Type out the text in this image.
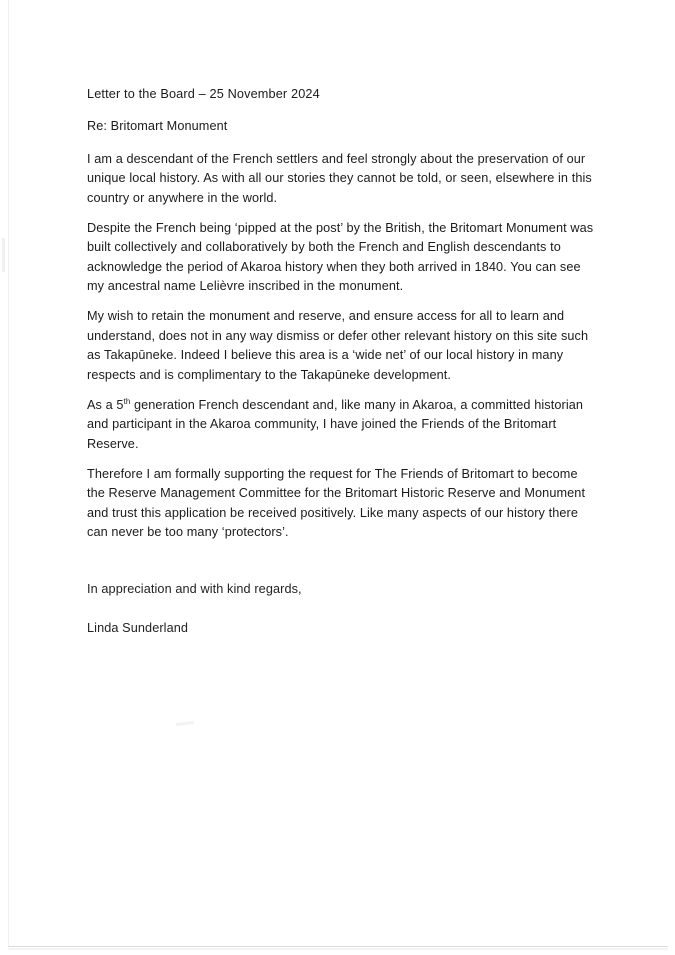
Letter to the Board – 25 November 2024

Re: Britomart Monument

I am a descendant of the French settlers and feel strongly about the preservation of our unique local history. As with all our stories they cannot be told, or seen, elsewhere in this country or anywhere in the world.

Despite the French being ‘pipped at the post’ by the British, the Britomart Monument was built collectively and collaboratively by both the French and English descendants to acknowledge the period of Akaroa history when they both arrived in 1840. You can see my ancestral name Lelièvre inscribed in the monument.

My wish to retain the monument and reserve, and ensure access for all to learn and understand, does not in any way dismiss or defer other relevant history on this site such as Takapūneke. Indeed I believe this area is a ‘wide net’ of our local history in many respects and is complimentary to the Takapūneke development.

As a 5th generation French descendant and, like many in Akaroa, a committed historian and participant in the Akaroa community, I have joined the Friends of the Britomart Reserve.

Therefore I am formally supporting the request for The Friends of Britomart to become the Reserve Management Committee for the Britomart Historic Reserve and Monument and trust this application be received positively. Like many aspects of our history there can never be too many ‘protectors’.

In appreciation and with kind regards,

Linda Sunderland
